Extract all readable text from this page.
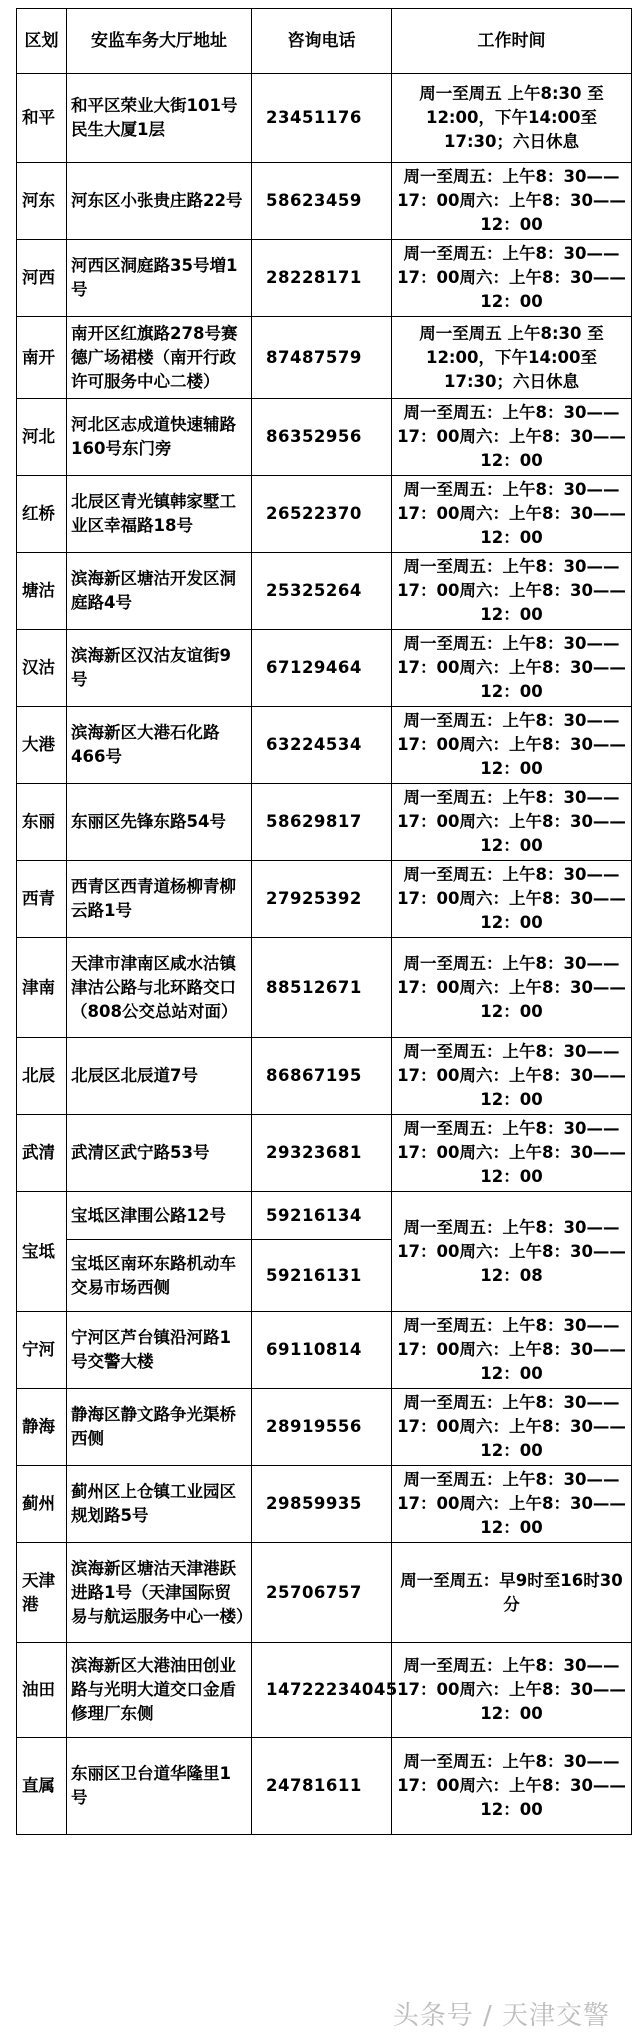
区划	安监车务大厅地址	咨询电话	工作时间
和平	和平区荣业大街101号民生大厦1层	23451176	周一至周五 上午8:30 至12:00，下午14:00至17:30；六日休息
河东	河东区小张贵庄路22号	58623459	周一至周五：上午8：30——17：00周六：上午8：30——12：00
河西	河西区洞庭路35号増1号	28228171	周一至周五：上午8：30——17：00周六：上午8：30——12：00
南开	南开区红旗路278号赛德广场裙楼（南开行政许可服务中心二楼）	87487579	周一至周五 上午8:30 至12:00，下午14:00至17:30；六日休息
河北	河北区志成道快速辅路160号东门旁	86352956	周一至周五：上午8：30——17：00周六：上午8：30——12：00
红桥	北辰区青光镇韩家墅工业区幸福路18号	26522370	周一至周五：上午8：30——17：00周六：上午8：30——12：00
塘沽	滨海新区塘沽开发区洞庭路4号	25325264	周一至周五：上午8：30——17：00周六：上午8：30——12：00
汉沽	滨海新区汉沽友谊街9号	67129464	周一至周五：上午8：30——17：00周六：上午8：30——12：00
大港	滨海新区大港石化路466号	63224534	周一至周五：上午8：30——17：00周六：上午8：30——12：00
东丽	东丽区先锋东路54号	58629817	周一至周五：上午8：30——17：00周六：上午8：30——12：00
西青	西青区西青道杨柳青柳云路1号	27925392	周一至周五：上午8：30——17：00周六：上午8：30——12：00
津南	天津市津南区咸水沽镇津沽公路与北环路交口（808公交总站对面）	88512671	周一至周五：上午8：30——17：00周六：上午8：30——12：00
北辰	北辰区北辰道7号	86867195	周一至周五：上午8：30——17：00周六：上午8：30——12：00
武清	武清区武宁路53号	29323681	周一至周五：上午8：30——17：00周六：上午8：30——12：00
宝坻	宝坻区津围公路12号	59216134	周一至周五：上午8：30——17：00周六：上午8：30——12：08
	宝坻区南环东路机动车交易市场西侧	59216131	
宁河	宁河区芦台镇沿河路1号交警大楼	69110814	周一至周五：上午8：30——17：00周六：上午8：30——12：00
静海	静海区静文路争光渠桥西侧	28919556	周一至周五：上午8：30——17：00周六：上午8：30——12：00
蓟州	蓟州区上仓镇工业园区规划路5号	29859935	周一至周五：上午8：30——17：00周六：上午8：30——12：00
天津港	滨海新区塘沽天津港跃进路1号（天津国际贸易与航运服务中心一楼）	25706757	周一至周五：早9时至16时30分
油田	滨海新区大港油田创业路与光明大道交口金盾修理厂东侧	14722234045	周一至周五：上午8：30——17：00周六：上午8：30——12：00
直属	东丽区卫台道华隆里1号	24781611	周一至周五：上午8：30——17：00周六：上午8：30——12：00
头条号 / 天津交警
